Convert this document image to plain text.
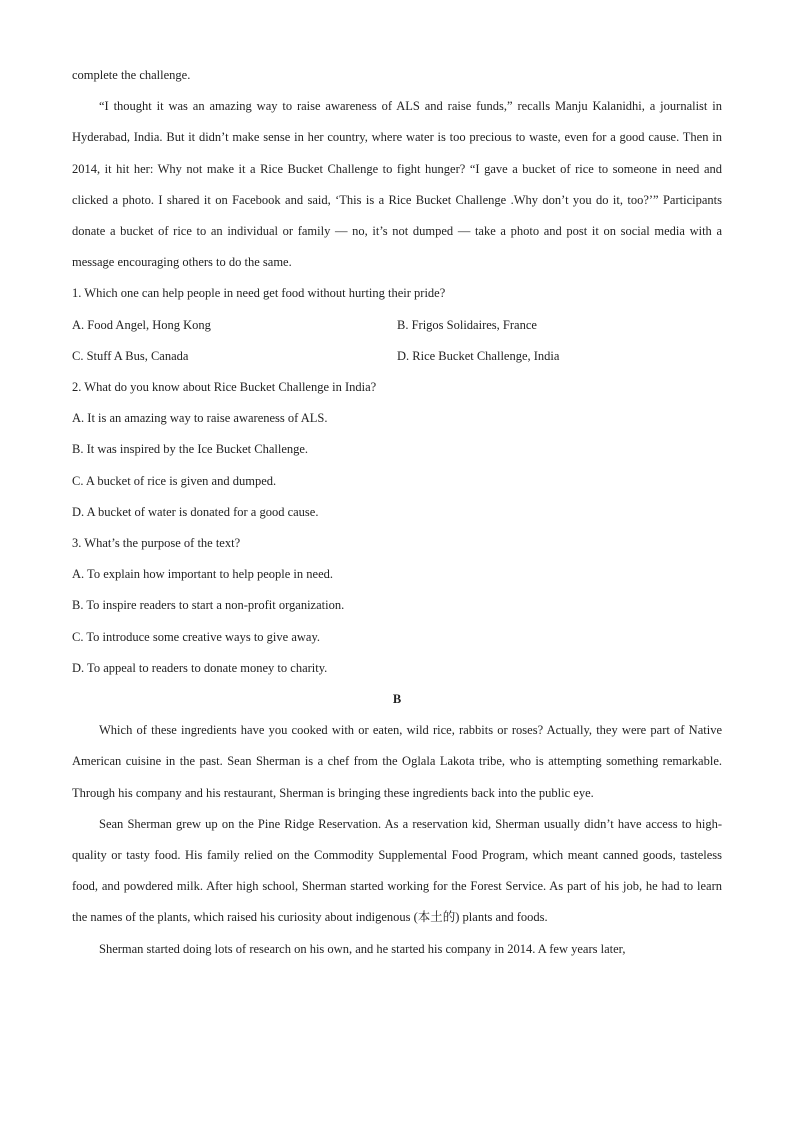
complete the challenge.

“I thought it was an amazing way to raise awareness of ALS and raise funds,” recalls Manju Kalanidhi, a journalist in Hyderabad, India. But it didn’t make sense in her country, where water is too precious to waste, even for a good cause. Then in 2014, it hit her: Why not make it a Rice Bucket Challenge to fight hunger? “I gave a bucket of rice to someone in need and clicked a photo. I shared it on Facebook and said, ‘This is a Rice Bucket Challenge .Why don’t you do it, too?’” Participants donate a bucket of rice to an individual or family — no, it’s not dumped — take a photo and post it on social media with a message encouraging others to do the same.

1. Which one can help people in need get food without hurting their pride?

A. Food Angel, Hong Kong	B. Frigos Solidaires, France

C. Stuff A Bus, Canada	D. Rice Bucket Challenge, India

2. What do you know about Rice Bucket Challenge in India?

A. It is an amazing way to raise awareness of ALS.

B. It was inspired by the Ice Bucket Challenge.

C. A bucket of rice is given and dumped.

D. A bucket of water is donated for a good cause.

3. What’s the purpose of the text?

A. To explain how important to help people in need.

B. To inspire readers to start a non-profit organization.

C. To introduce some creative ways to give away.

D. To appeal to readers to donate money to charity.

B

Which of these ingredients have you cooked with or eaten, wild rice, rabbits or roses? Actually, they were part of Native American cuisine in the past. Sean Sherman is a chef from the Oglala Lakota tribe, who is attempting something remarkable. Through his company and his restaurant, Sherman is bringing these ingredients back into the public eye.

Sean Sherman grew up on the Pine Ridge Reservation. As a reservation kid, Sherman usually didn’t have access to high-quality or tasty food. His family relied on the Commodity Supplemental Food Program, which meant canned goods, tasteless food, and powdered milk. After high school, Sherman started working for the Forest Service. As part of his job, he had to learn the names of the plants, which raised his curiosity about indigenous (本土的) plants and foods.

Sherman started doing lots of research on his own, and he started his company in 2014. A few years later,
